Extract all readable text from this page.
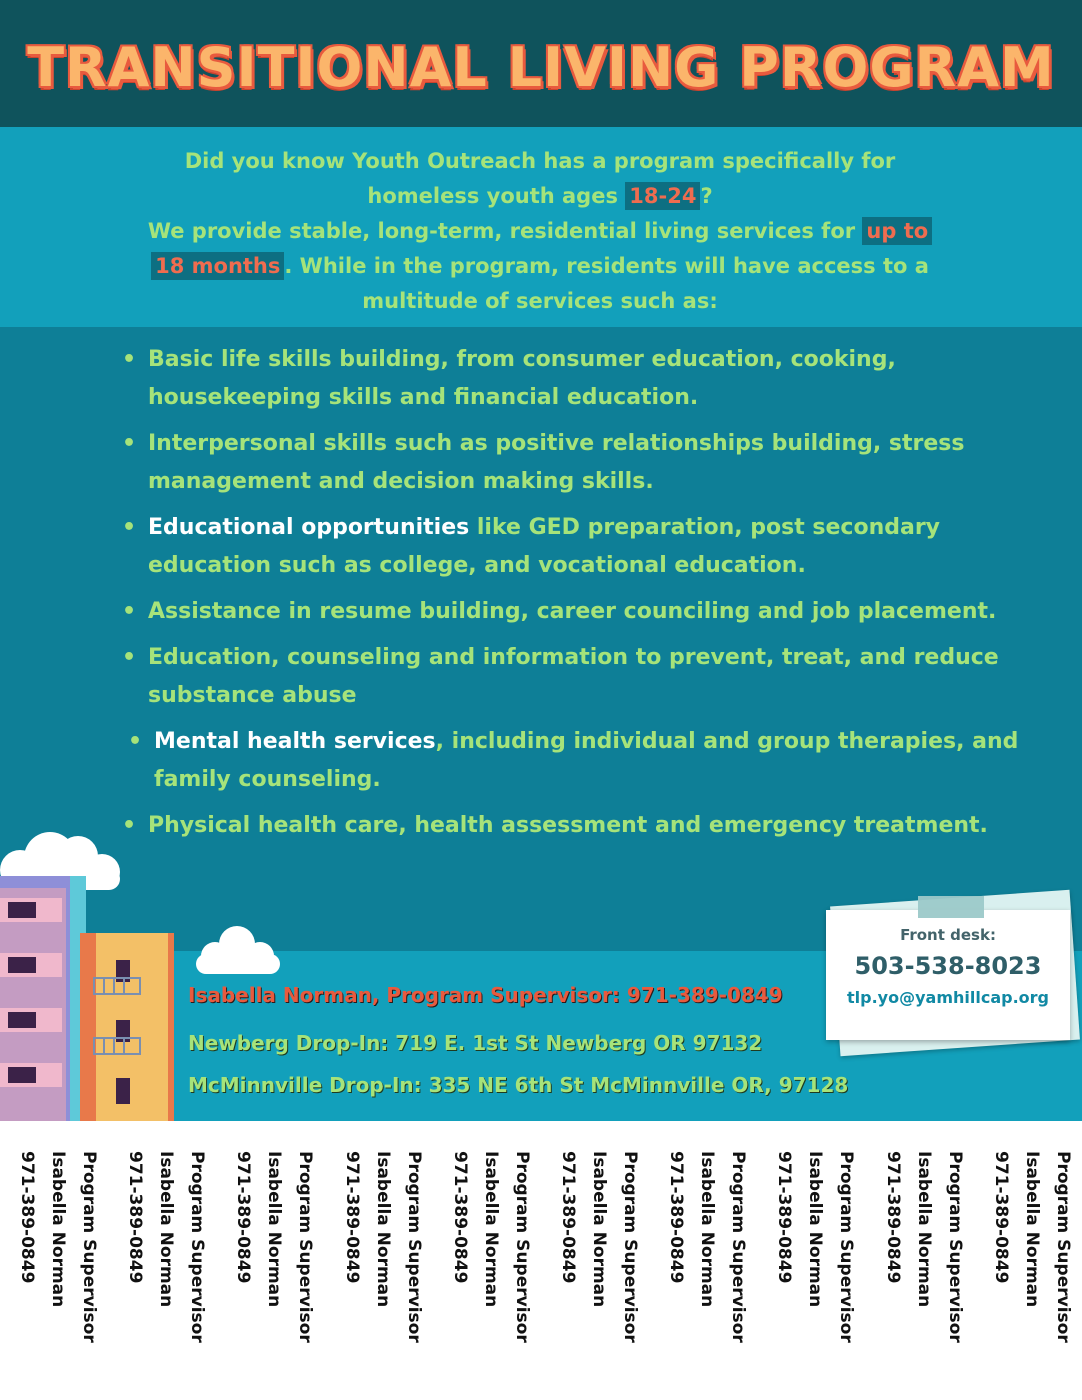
TRANSITIONAL LIVING PROGRAM
Did you know Youth Outreach has a program specifically for
homeless youth ages 18-24 ?
We provide stable, long-term, residential living services for up to
18 months . While in the program, residents will have access to a
multitude of services such as:
• Basic life skills building, from consumer education, cooking, housekeeping skills and financial education.
• Interpersonal skills such as positive relationships building, stress management and decision making skills.
• Educational opportunities like GED preparation, post secondary education such as college, and vocational education.
• Assistance in resume building, career counciling and job placement.
• Education, counseling and information to prevent, treat, and reduce substance abuse
• Mental health services, including individual and group therapies, and family counseling.
• Physical health care, health assessment and emergency treatment.
Isabella Norman, Program Supervisor: 971-389-0849
Newberg Drop-In: 719 E. 1st St Newberg OR 97132
McMinnville Drop-In: 335 NE 6th St McMinnville OR, 97128
Front desk:
503-538-8023
tlp.yo@yamhillcap.org
Program Supervisor
Isabella Norman
971-389-0849	Program Supervisor
Isabella Norman
971-389-0849	Program Supervisor
Isabella Norman
971-389-0849	Program Supervisor
Isabella Norman
971-389-0849	Program Supervisor
Isabella Norman
971-389-0849	Program Supervisor
Isabella Norman
971-389-0849	Program Supervisor
Isabella Norman
971-389-0849	Program Supervisor
Isabella Norman
971-389-0849	Program Supervisor
Isabella Norman
971-389-0849	Program Supervisor
Isabella Norman
971-389-0849
